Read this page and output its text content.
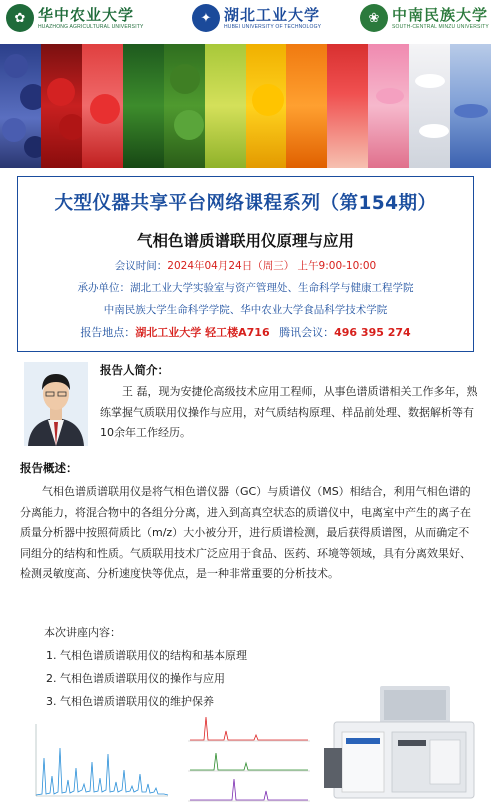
✿ 华中农业大学
HUAZHONG AGRICULTURAL UNIVERSITY
✦ 湖北工业大学
HUBEI UNIVERSITY OF TECHNOLOGY
❀ 中南民族大学
SOUTH-CENTRAL MINZU UNIVERSITY
大型仪器共享平台网络课程系列（第154期）
气相色谱质谱联用仪原理与应用
会议时间：2024年04月24日（周三） 上午9:00-10:00
承办单位：湖北工业大学实验室与资产管理处、生命科学与健康工程学院
中南民族大学生命科学学院、华中农业大学食品科学技术学院
报告地点：湖北工业大学 轻工楼A716 腾讯会议：496 395 274
报告人简介：
王 磊，现为安捷伦高级技术应用工程师，从事色谱质谱相关工作多年，熟练掌握气质联用仪操作与应用，对气质结构原理、样品前处理、数据解析等有10余年工作经历。
报告概述：
气相色谱质谱联用仪是将气相色谱仪器（GC）与质谱仪（MS）相结合，利用气相色谱的分离能力，将混合物中的各组分分离，进入到高真空状态的质谱仪中，电离室中产生的离子在质量分析器中按照荷质比（m/z）大小被分开，进行质谱检测，最后获得质谱图，从而确定不同组分的结构和性质。气质联用技术广泛应用于食品、医药、环境等领域，具有分离效果好、检测灵敏度高、分析速度快等优点，是一种非常重要的分析技术。
本次讲座内容：
1. 气相色谱质谱联用仪的结构和基本原理
2. 气相色谱质谱联用仪的操作与应用
3. 气相色谱质谱联用仪的维护保养
